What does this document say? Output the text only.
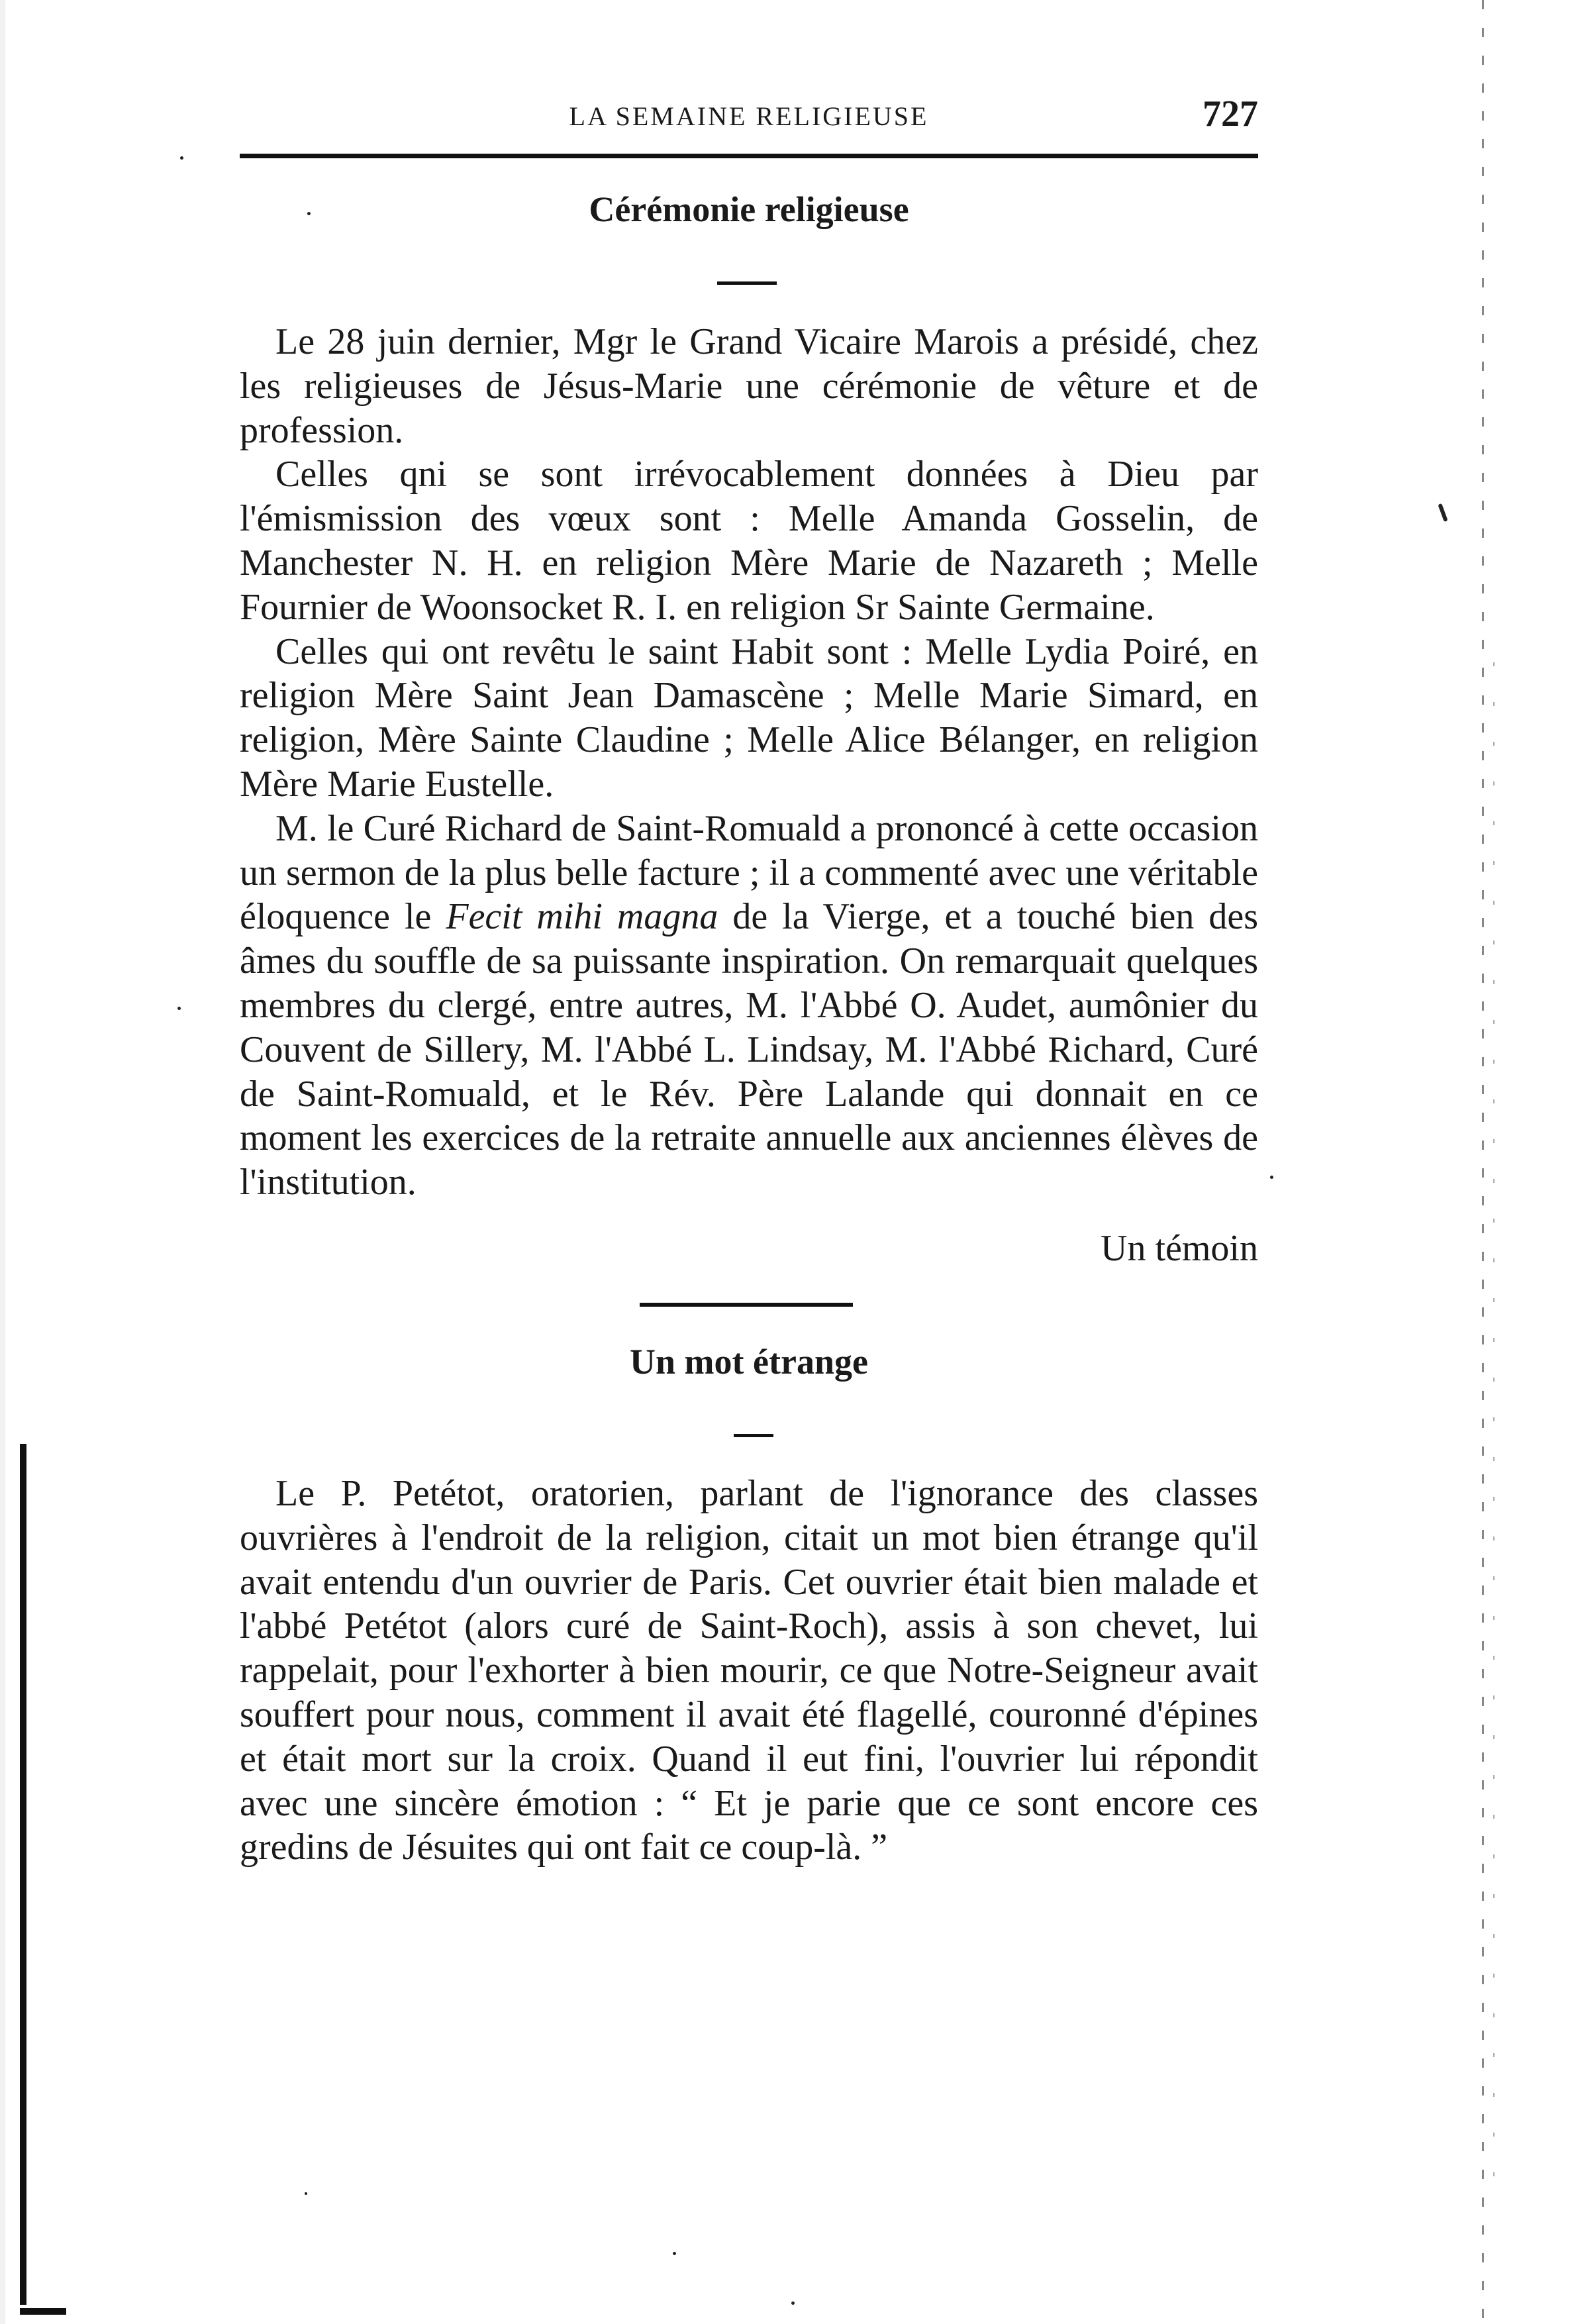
LA SEMAINE RELIGIEUSE	727
Cérémonie religieuse

Le 28 juin dernier, Mgr le Grand Vicaire Marois a présidé, chez les religieuses de Jésus-Marie une cérémonie de vêture et de profession.

Celles qni se sont irrévocablement données à Dieu par l'émismission des vœux sont : Melle Amanda Gosselin, de Manchester N. H. en religion Mère Marie de Nazareth ; Melle Fournier de Woonsocket R. I. en religion Sr Sainte Germaine.

Celles qui ont revêtu le saint Habit sont : Melle Lydia Poiré, en religion Mère Saint Jean Damascène ; Melle Marie Simard, en religion, Mère Sainte Claudine ; Melle Alice Bélanger, en religion Mère Marie Eustelle.

M. le Curé Richard de Saint-Romuald a prononcé à cette occasion un sermon de la plus belle facture ; il a commenté avec une véritable éloquence le Fecit mihi magna de la Vierge, et a touché bien des âmes du souffle de sa puissante inspiration. On remarquait quelques membres du clergé, entre autres, M. l'Abbé O. Audet, aumônier du Couvent de Sillery, M. l'Abbé L. Lindsay, M. l'Abbé Richard, Curé de Saint-Romuald, et le Rév. Père Lalande qui donnait en ce moment les exercices de la retraite annuelle aux anciennes élèves de l'institution.

Un témoin
Un mot étrange

Le P. Petétot, oratorien, parlant de l'ignorance des classes ouvrières à l'endroit de la religion, citait un mot bien étrange qu'il avait entendu d'un ouvrier de Paris. Cet ouvrier était bien malade et l'abbé Petétot (alors curé de Saint-Roch), assis à son chevet, lui rappelait, pour l'exhorter à bien mourir, ce que Notre-Seigneur avait souffert pour nous, comment il avait été flagellé, couronné d'épines et était mort sur la croix. Quand il eut fini, l'ouvrier lui répondit avec une sincère émotion : “ Et je parie que ce sont encore ces gredins de Jésuites qui ont fait ce coup-là. ”
